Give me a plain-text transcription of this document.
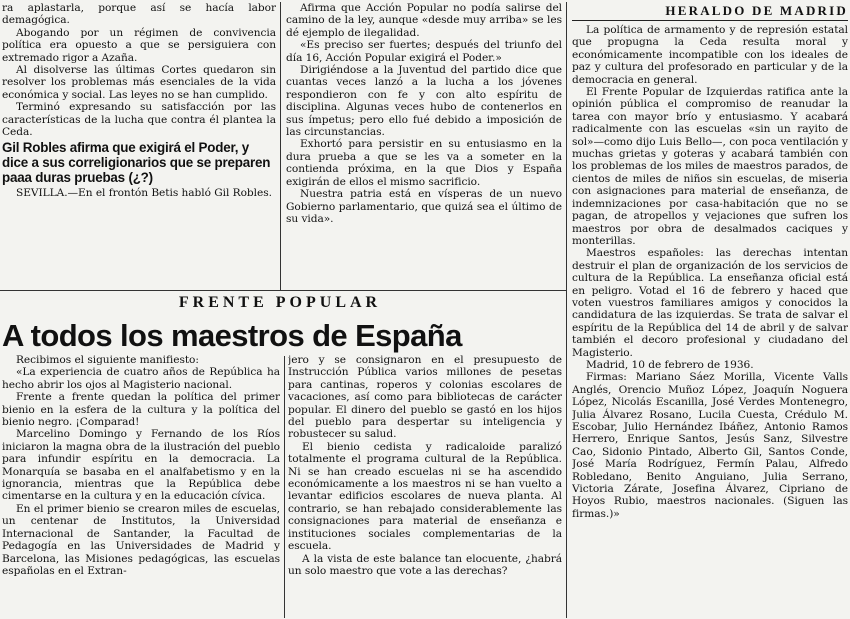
HERALDO DE MADRID

ra aplastarla, porque así se hacía labor demagógica.

Abogando por un régimen de convivencia política era opuesto a que se persiguiera con extremado rigor a Azaña.

Al disolverse las últimas Cortes quedaron sin resolver los problemas más esenciales de la vida económica y social. Las leyes no se han cumplido.

Terminó expresando su satisfacción por las características de la lucha que contra él plantea la Ceda.

Gil Robles afirma que exigirá el Poder, y dice a sus correligionarios que se preparen paaa duras pruebas (¿?)

SEVILLA.—En el frontón Betis habló Gil Robles.

Afirma que Acción Popular no podía salirse del camino de la ley, aunque «desde muy arriba» se les dé ejemplo de ilegalidad.

«Es preciso ser fuertes; después del triunfo del día 16, Acción Popular exigirá el Poder.»

Dirigiéndose a la Juventud del partido dice que cuantas veces lanzó a la lucha a los jóvenes respondieron con fe y con alto espíritu de disciplina. Algunas veces hubo de contenerlos en sus ímpetus; pero ello fué debido a imposición de las circunstancias.

Exhortó para persistir en su entusiasmo en la dura prueba a que se les va a someter en la contienda próxima, en la que Dios y España exigirán de ellos el mismo sacrificio.

Nuestra patria está en vísperas de un nuevo Gobierno parlamentario, que quizá sea el último de su vida».

FRENTE POPULAR
A todos los maestros de España

Recibimos el siguiente manifiesto:

«La experiencia de cuatro años de República ha hecho abrir los ojos al Magisterio nacional.

Frente a frente quedan la política del primer bienio en la esfera de la cultura y la política del bienio negro. ¡Comparad!

Marcelino Domingo y Fernando de los Ríos iniciaron la magna obra de la ilustración del pueblo para infundir espíritu en la democracia. La Monarquía se basaba en el analfabetismo y en la ignorancia, mientras que la República debe cimentarse en la cultura y en la educación cívica.

En el primer bienio se crearon miles de escuelas, un centenar de Institutos, la Universidad Internacional de Santander, la Facultad de Pedagogía en las Universidades de Madrid y Barcelona, las Misiones pedagógicas, las escuelas españolas en el Extran-

jero y se consignaron en el presupuesto de Instrucción Pública varios millones de pesetas para cantinas, roperos y colonias escolares de vacaciones, así como para bibliotecas de carácter popular. El dinero del pueblo se gastó en los hijos del pueblo para despertar su inteligencia y robustecer su salud.

El bienio cedista y radicaloide paralizó totalmente el programa cultural de la República. Ni se han creado escuelas ni se ha ascendido económicamente a los maestros ni se han vuelto a levantar edificios escolares de nueva planta. Al contrario, se han rebajado considerablemente las consignaciones para material de enseñanza e instituciones sociales complementarias de la escuela.

A la vista de este balance tan elocuente, ¿habrá un solo maestro que vote a las derechas?

La política de armamento y de represión estatal que propugna la Ceda resulta moral y económicamente incompatible con los ideales de paz y cultura del profesorado en particular y de la democracia en general.

El Frente Popular de Izquierdas ratifica ante la opinión pública el compromiso de reanudar la tarea con mayor brío y entusiasmo. Y acabará radicalmente con las escuelas «sin un rayito de sol»—como dijo Luis Bello—, con poca ventilación y muchas grietas y goteras y acabará también con los problemas de los miles de maestros parados, de cientos de miles de niños sin escuelas, de miseria con asignaciones para material de enseñanza, de indemnizaciones por casa-habitación que no se pagan, de atropellos y vejaciones que sufren los maestros por obra de desalmados caciques y monterillas.

Maestros españoles: las derechas intentan destruir el plan de organización de los servicios de cultura de la República. La enseñanza oficial está en peligro. Votad el 16 de febrero y haced que voten vuestros familiares amigos y conocidos la candidatura de las izquierdas. Se trata de salvar el espíritu de la República del 14 de abril y de salvar también el decoro profesional y ciudadano del Magisterio.

Madrid, 10 de febrero de 1936.

Firmas: Mariano Sáez Morilla, Vicente Valls Anglés, Orencio Muñoz López, Joaquín Noguera López, Nicolás Escanilla, José Verdes Montenegro, Julia Álvarez Rosano, Lucila Cuesta, Crédulo M. Escobar, Julio Hernández Ibáñez, Antonio Ramos Herrero, Enrique Santos, Jesús Sanz, Silvestre Cao, Sidonio Pintado, Alberto Gil, Santos Conde, José María Rodríguez, Fermín Palau, Alfredo Robledano, Benito Anguiano, Julia Serrano, Victoria Zárate, Josefina Álvarez, Cipriano de Hoyos Rubio, maestros nacionales. (Siguen las firmas.)»
